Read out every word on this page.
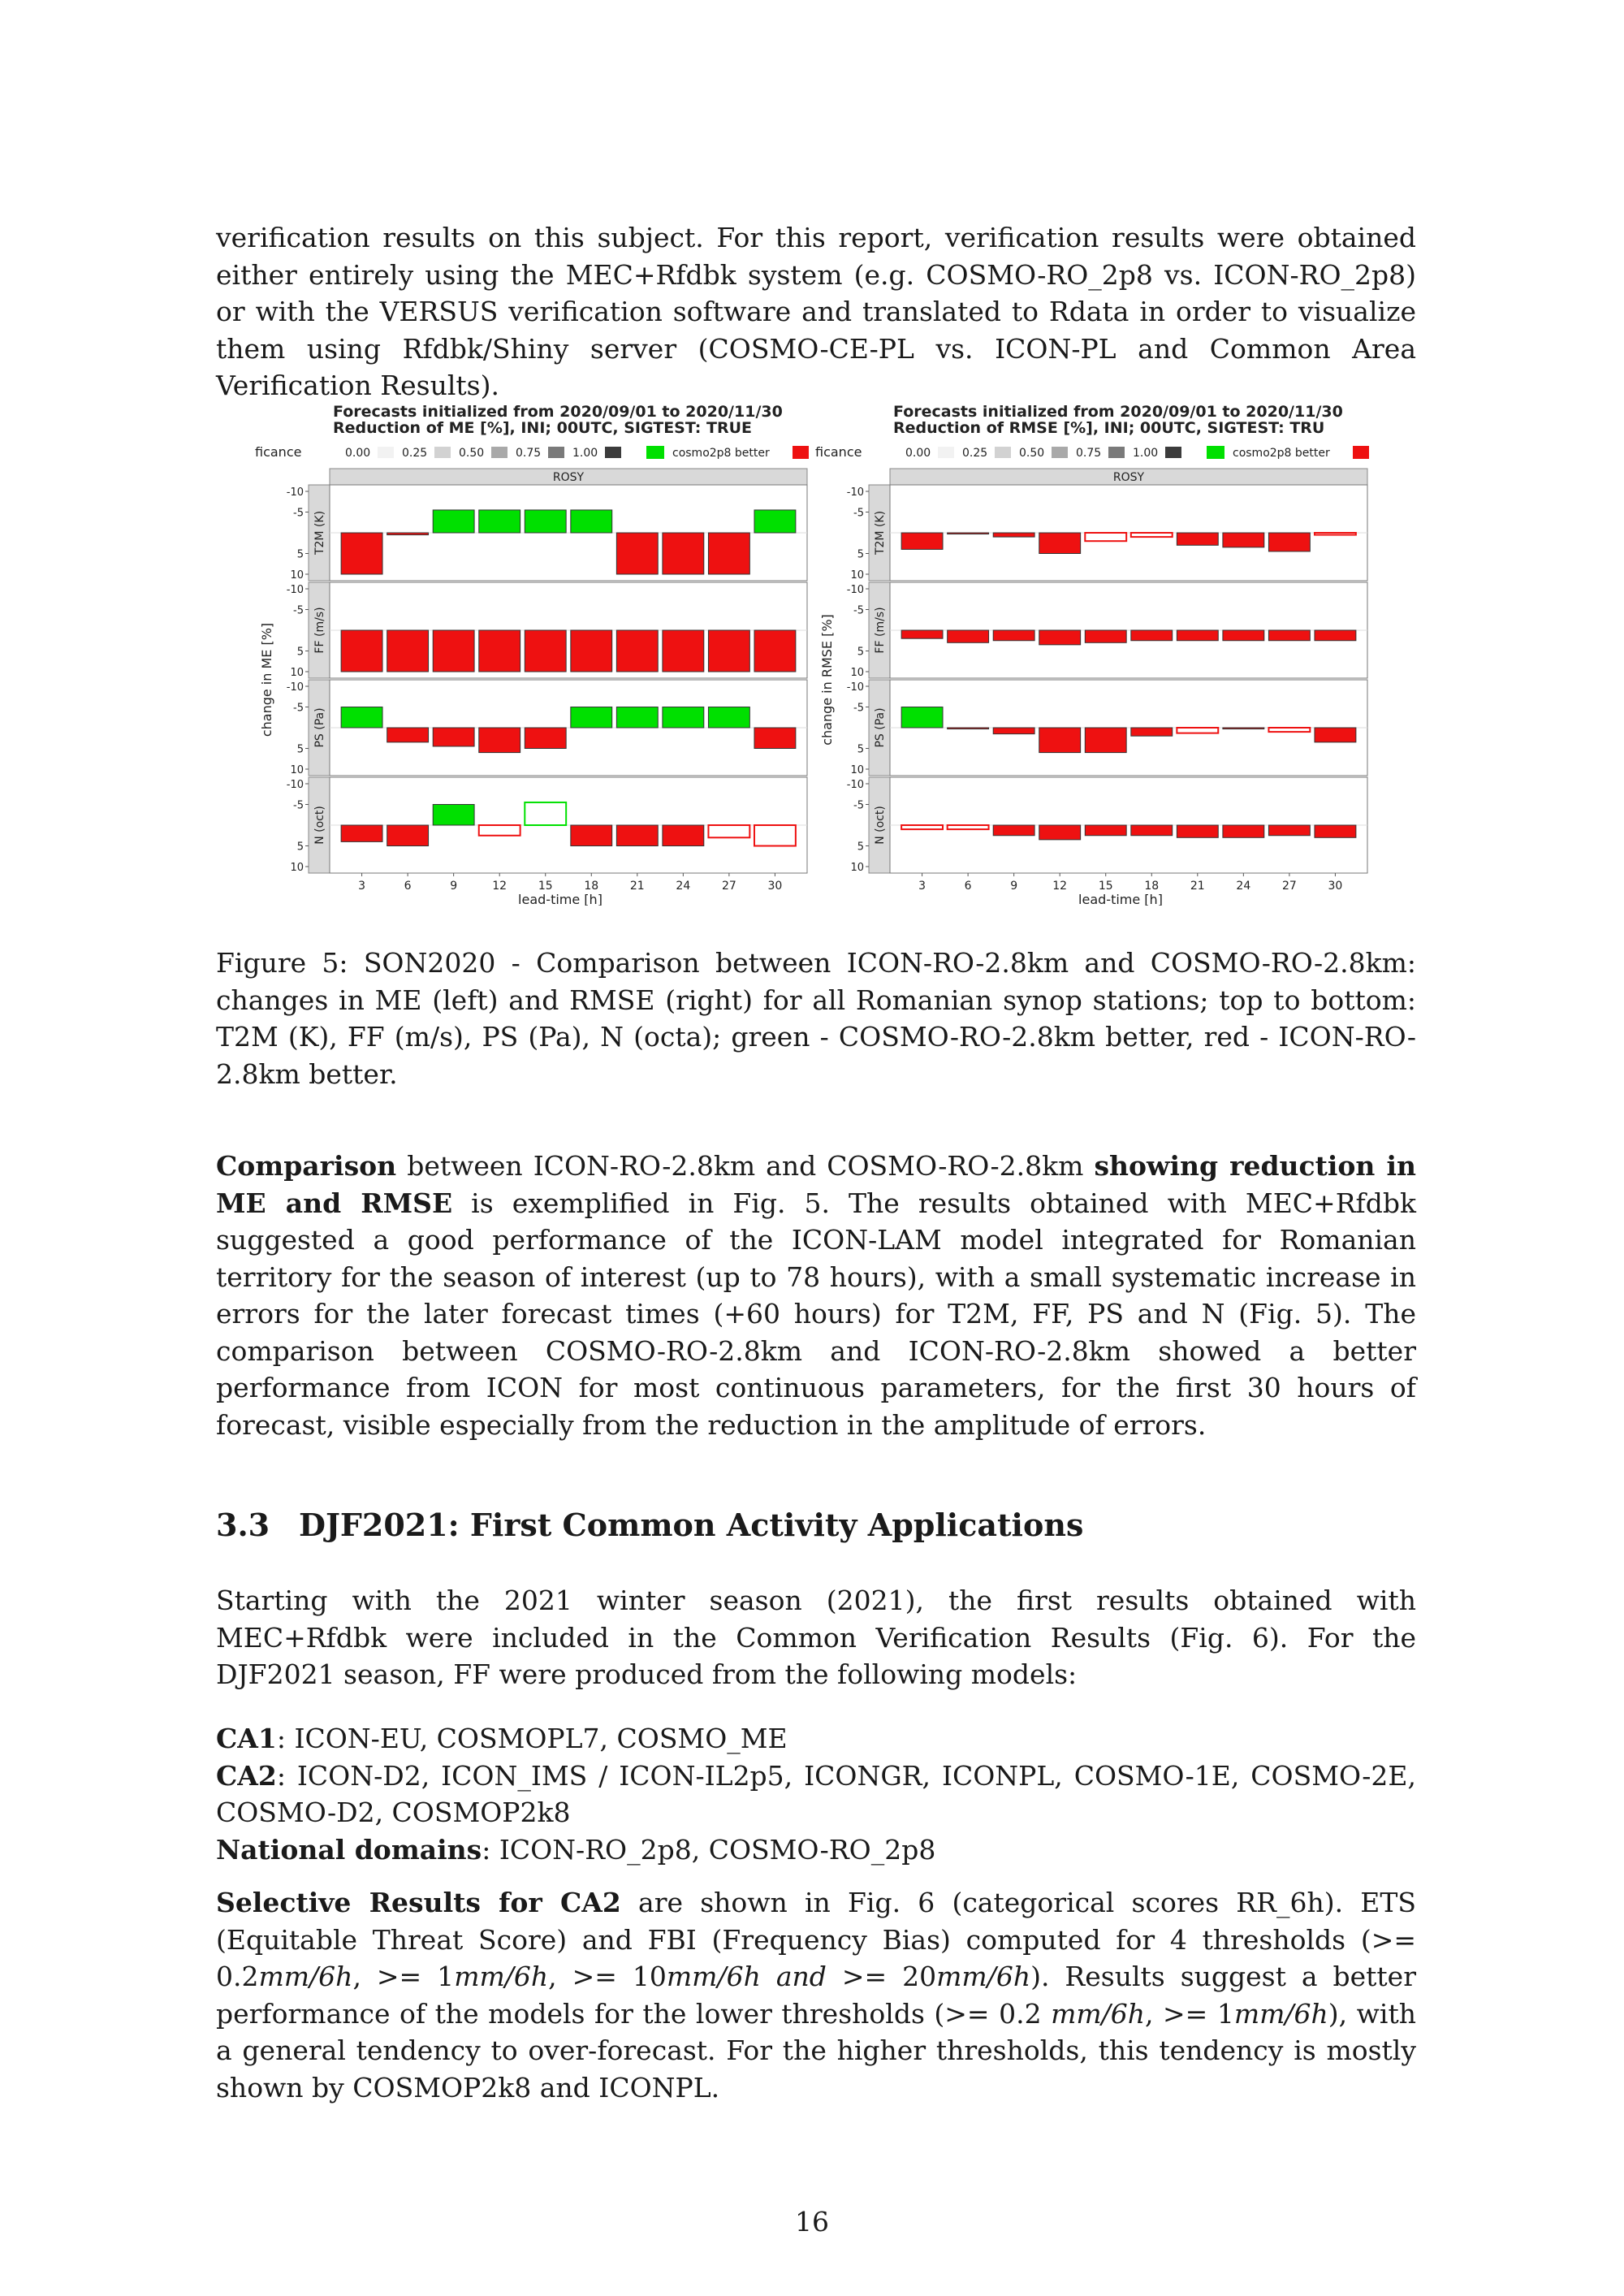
verification results on this subject. For this report, verification results were obtained either entirely using the MEC+Rfdbk system (e.g. COSMO-RO_2p8 vs. ICON-RO_2p8) or with the VERSUS verification software and translated to Rdata in order to visualize them using Rfdbk/Shiny server (COSMO-CE-PL vs. ICON-PL and Common Area Verification Results).

Figure 5: SON2020 - Comparison between ICON-RO-2.8km and COSMO-RO-2.8km: changes in ME (left) and RMSE (right) for all Romanian synop stations; top to bottom: T2M (K), FF (m/s), PS (Pa), N (octa); green - COSMO-RO-2.8km better, red - ICON-RO-2.8km better.

Comparison between ICON-RO-2.8km and COSMO-RO-2.8km showing reduction in ME and RMSE is exemplified in Fig. 5. The results obtained with MEC+Rfdbk suggested a good performance of the ICON-LAM model integrated for Romanian territory for the season of interest (up to 78 hours), with a small systematic increase in errors for the later forecast times (+60 hours) for T2M, FF, PS and N (Fig. 5). The comparison between COSMO-RO-2.8km and ICON-RO-2.8km showed a better performance from ICON for most continuous parameters, for the first 30 hours of forecast, visible especially from the reduction in the amplitude of errors.

3.3 DJF2021: First Common Activity Applications

Starting with the 2021 winter season (2021), the first results obtained with MEC+Rfdbk were included in the Common Verification Results (Fig. 6). For the DJF2021 season, FF were produced from the following models:

CA1: ICON-EU, COSMOPL7, COSMO_ME

CA2: ICON-D2, ICON_IMS / ICON-IL2p5, ICONGR, ICONPL, COSMO-1E, COSMO-2E, COSMO-D2, COSMOP2k8

National domains: ICON-RO_2p8, COSMO-RO_2p8

Selective Results for CA2 are shown in Fig. 6 (categorical scores RR_6h). ETS (Equitable Threat Score) and FBI (Frequency Bias) computed for 4 thresholds (>= 0.2mm/6h, >= 1mm/6h, >= 10mm/6h and >= 20mm/6h). Results suggest a better performance of the models for the lower thresholds (>= 0.2 mm/6h, >= 1mm/6h), with a general tendency to over-forecast. For the higher thresholds, this tendency is mostly shown by COSMOP2k8 and ICONPL.

Forecasts initialized from 2020/09/01 to 2020/11/30
Reduction of ME [%], INI; 00UTC, SIGTEST: TRUE
ficance	0.00	0.25	0.50	0.75	1.00	cosmo2p8 better
ROSY
change in ME [%]
T2M (K)
-10
-5
5
10
FF (m/s)
-10
-5
5
10
PS (Pa)
-10
-5
5
10
N (oct)
-10
-5
5
10
3	6	9	12	15	18	21	24	27	30
lead-time [h]
Forecasts initialized from 2020/09/01 to 2020/11/30
Reduction of RMSE [%], INI; 00UTC, SIGTEST: TRU
ficance	0.00	0.25	0.50	0.75	1.00	cosmo2p8 better
ROSY
change in RMSE [%]
T2M (K)
-10
-5
5
10
FF (m/s)
-10
-5
5
10
PS (Pa)
-10
-5
5
10
N (oct)
-10
-5
5
10
3	6	9	12	15	18	21	24	27	30
lead-time [h]
16
